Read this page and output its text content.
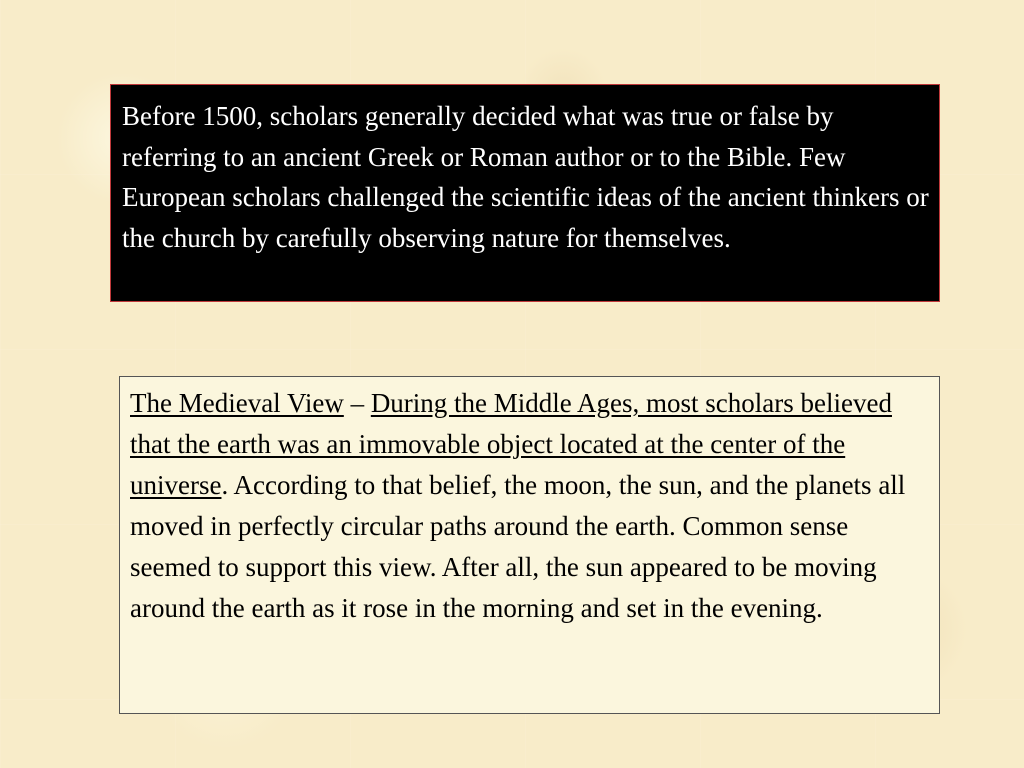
Before 1500, scholars generally decided what was true or false by referring to an ancient Greek or Roman author or to the Bible. Few European scholars challenged the scientific ideas of the ancient thinkers or the church by carefully observing nature for themselves.

The Medieval View – During the Middle Ages, most scholars believed that the earth was an immovable object located at the center of the universe. According to that belief, the moon, the sun, and the planets all moved in perfectly circular paths around the earth. Common sense seemed to support this view. After all, the sun appeared to be moving around the earth as it rose in the morning and set in the evening.
